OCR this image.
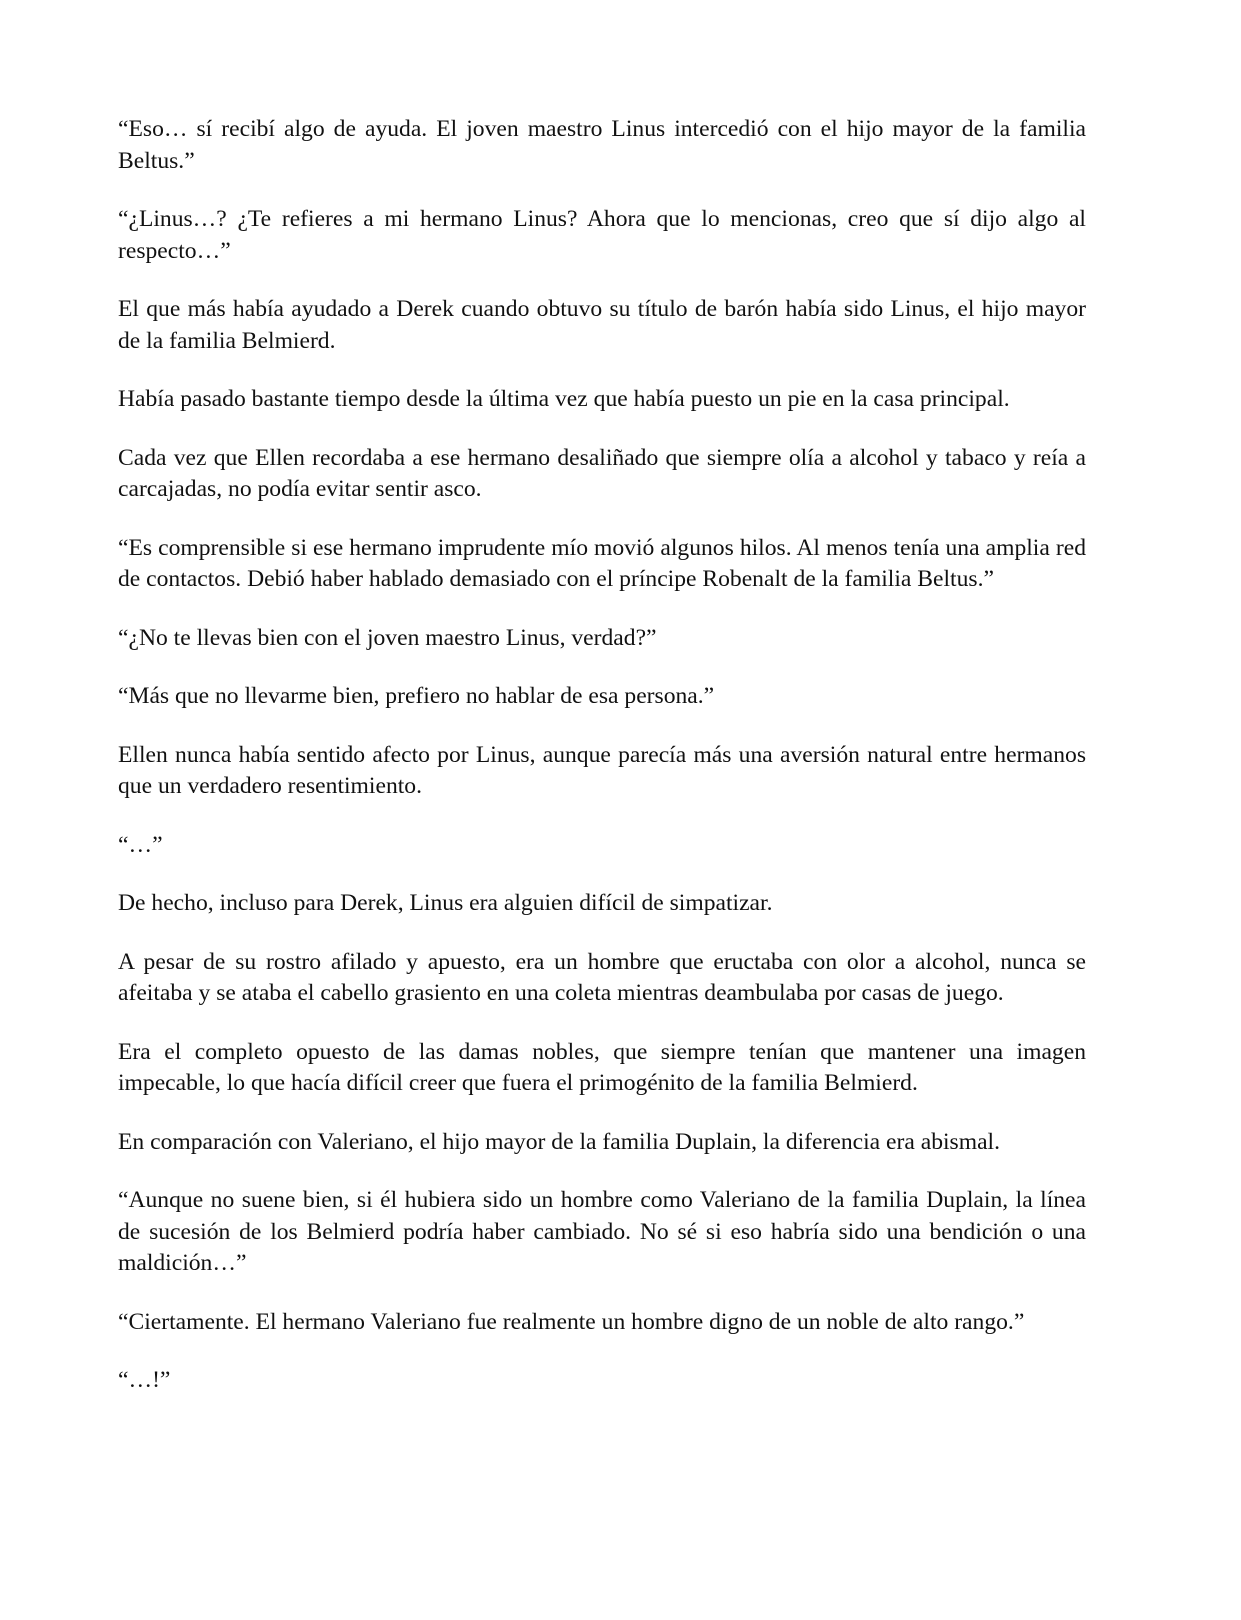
“Eso… sí recibí algo de ayuda. El joven maestro Linus intercedió con el hijo mayor de la familia Beltus.”

“¿Linus…? ¿Te refieres a mi hermano Linus? Ahora que lo mencionas, creo que sí dijo algo al respecto…”

El que más había ayudado a Derek cuando obtuvo su título de barón había sido Linus, el hijo mayor de la familia Belmierd.

Había pasado bastante tiempo desde la última vez que había puesto un pie en la casa principal.

Cada vez que Ellen recordaba a ese hermano desaliñado que siempre olía a alcohol y tabaco y reía a carcajadas, no podía evitar sentir asco.

“Es comprensible si ese hermano imprudente mío movió algunos hilos. Al menos tenía una amplia red de contactos. Debió haber hablado demasiado con el príncipe Robenalt de la familia Beltus.”

“¿No te llevas bien con el joven maestro Linus, verdad?”

“Más que no llevarme bien, prefiero no hablar de esa persona.”

Ellen nunca había sentido afecto por Linus, aunque parecía más una aversión natural entre hermanos que un verdadero resentimiento.

“…”

De hecho, incluso para Derek, Linus era alguien difícil de simpatizar.

A pesar de su rostro afilado y apuesto, era un hombre que eructaba con olor a alcohol, nunca se afeitaba y se ataba el cabello grasiento en una coleta mientras deambulaba por casas de juego.

Era el completo opuesto de las damas nobles, que siempre tenían que mantener una imagen impecable, lo que hacía difícil creer que fuera el primogénito de la familia Belmierd.

En comparación con Valeriano, el hijo mayor de la familia Duplain, la diferencia era abismal.

“Aunque no suene bien, si él hubiera sido un hombre como Valeriano de la familia Duplain, la línea de sucesión de los Belmierd podría haber cambiado. No sé si eso habría sido una bendición o una maldición…”

“Ciertamente. El hermano Valeriano fue realmente un hombre digno de un noble de alto rango.”

“…!”
